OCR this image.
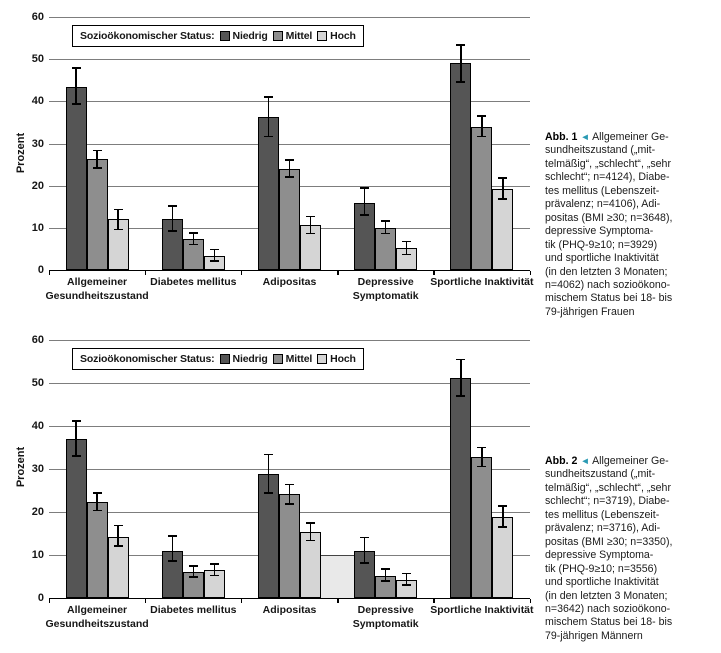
0
10
20
30
40
50
60
Prozent
Allgemeiner
Gesundheitszustand
Diabetes mellitus Adipositas	Depressive
Symptomatik
Sportliche Inaktivität
Sozioökonomischer Status: Niedrig Mittel Hoch
0
10
20
30
40
50
60
Prozent
Allgemeiner
Gesundheitszustand
Diabetes mellitus Adipositas	Depressive
Symptomatik
Sportliche Inaktivität
Sozioökonomischer Status: Niedrig Mittel Hoch
Abb. 1 ◄ Allgemeiner Ge-
sundheitszustand („mit-
telmäßig“, „schlecht“, „sehr
schlecht“; n=4124), Diabe-
tes mellitus (Lebenszeit-
prävalenz; n=4106), Adi-
positas (BMI ≥30; n=3648),
depressive Symptoma-
tik (PHQ-9≥10; n=3929)
und sportliche Inaktivität
(in den letzten 3 Monaten;
n=4062) nach sozioökono-
mischem Status bei 18- bis
79-jährigen Frauen
Abb. 2 ◄ Allgemeiner Ge-
sundheitszustand („mit-
telmäßig“, „schlecht“, „sehr
schlecht“; n=3719), Diabe-
tes mellitus (Lebenszeit-
prävalenz; n=3716), Adi-
positas (BMI ≥30; n=3350),
depressive Symptoma-
tik (PHQ-9≥10; n=3556)
und sportliche Inaktivität
(in den letzten 3 Monaten;
n=3642) nach sozioökono-
mischem Status bei 18- bis
79-jährigen Männern
